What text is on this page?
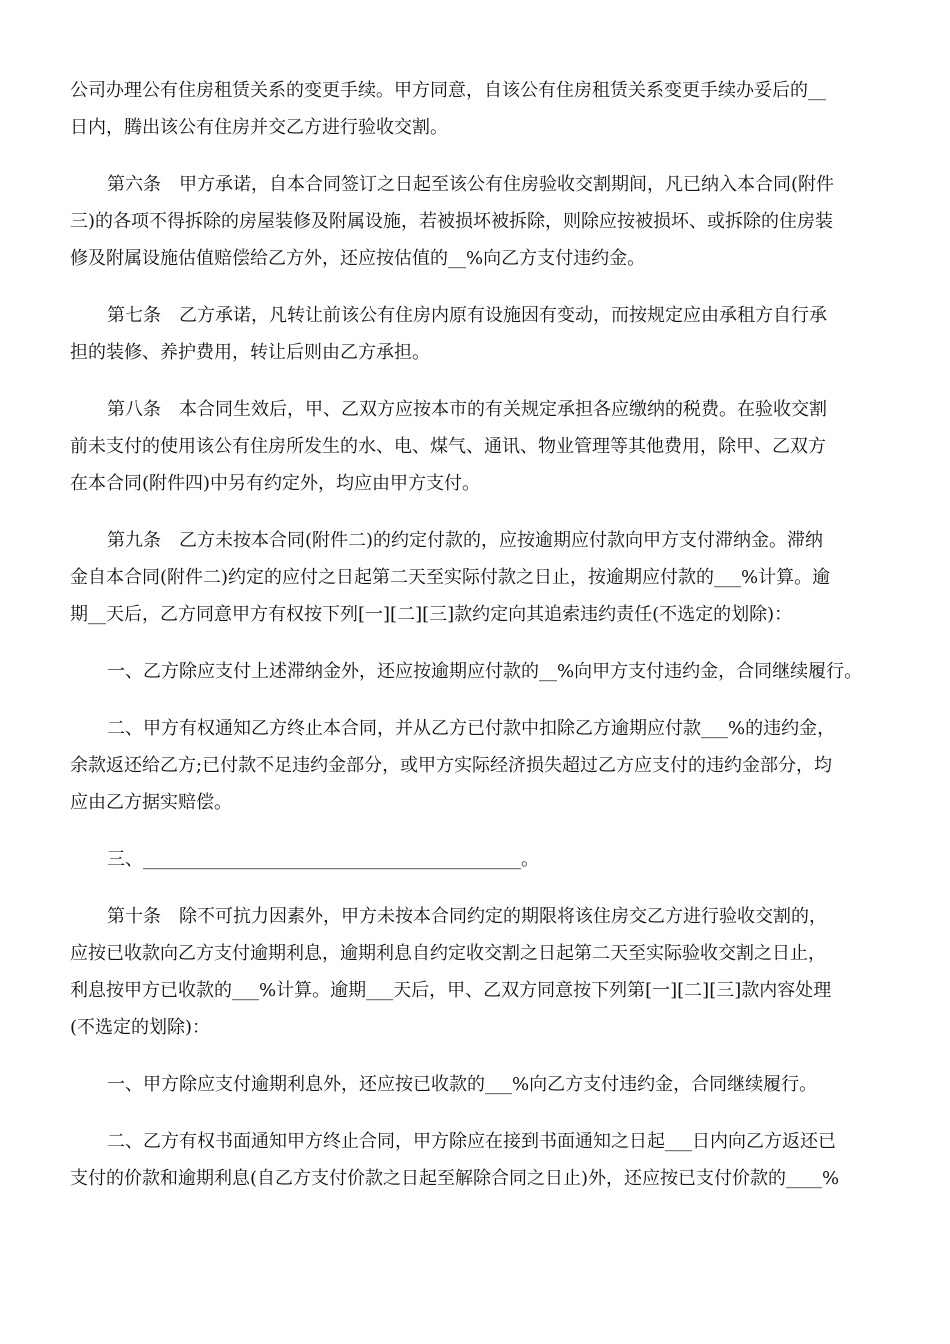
公司办理公有住房租赁关系的变更手续。甲方同意，自该公有住房租赁关系变更手续办妥后的__
日内，腾出该公有住房并交乙方进行验收交割。

第六条　甲方承诺，自本合同签订之日起至该公有住房验收交割期间，凡已纳入本合同(附件
三)的各项不得拆除的房屋装修及附属设施，若被损坏被拆除，则除应按被损坏、或拆除的住房装
修及附属设施估值赔偿给乙方外，还应按估值的__%向乙方支付违约金。

第七条　乙方承诺，凡转让前该公有住房内原有设施因有变动，而按规定应由承租方自行承
担的装修、养护费用，转让后则由乙方承担。

第八条　本合同生效后，甲、乙双方应按本市的有关规定承担各应缴纳的税费。在验收交割
前未支付的使用该公有住房所发生的水、电、煤气、通讯、物业管理等其他费用，除甲、乙双方
在本合同(附件四)中另有约定外，均应由甲方支付。

第九条　乙方未按本合同(附件二)的约定付款的，应按逾期应付款向甲方支付滞纳金。滞纳
金自本合同(附件二)约定的应付之日起第二天至实际付款之日止，按逾期应付款的___%计算。逾
期__天后，乙方同意甲方有权按下列[一][二][三]款约定向其追索违约责任(不选定的划除)：

一、乙方除应支付上述滞纳金外，还应按逾期应付款的__%向甲方支付违约金，合同继续履行。

二、甲方有权通知乙方终止本合同，并从乙方已付款中扣除乙方逾期应付款___%的违约金，
余款返还给乙方;已付款不足违约金部分，或甲方实际经济损失超过乙方应支付的违约金部分，均
应由乙方据实赔偿。

三、__________________________________________。

第十条　除不可抗力因素外，甲方未按本合同约定的期限将该住房交乙方进行验收交割的，
应按已收款向乙方支付逾期利息，逾期利息自约定收交割之日起第二天至实际验收交割之日止，
利息按甲方已收款的___%计算。逾期___天后，甲、乙双方同意按下列第[一][二][三]款内容处理
(不选定的划除)：

一、甲方除应支付逾期利息外，还应按已收款的___%向乙方支付违约金，合同继续履行。

二、乙方有权书面通知甲方终止合同，甲方除应在接到书面通知之日起___日内向乙方返还已
支付的价款和逾期利息(自乙方支付价款之日起至解除合同之日止)外，还应按已支付价款的____%
